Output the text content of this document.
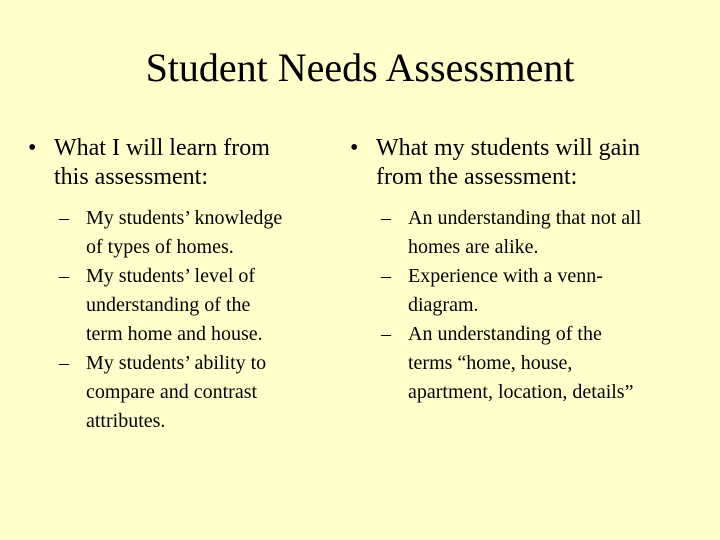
Student Needs Assessment
• What I will learn from
this assessment:
– My students’ knowledge
of types of homes.
– My students’ level of
understanding of the
term home and house.
– My students’ ability to
compare and contrast
attributes.
• What my students will gain
from the assessment:
– An understanding that not all
homes are alike.
– Experience with a venn-
diagram.
– An understanding of the
terms “home, house,
apartment, location, details”
